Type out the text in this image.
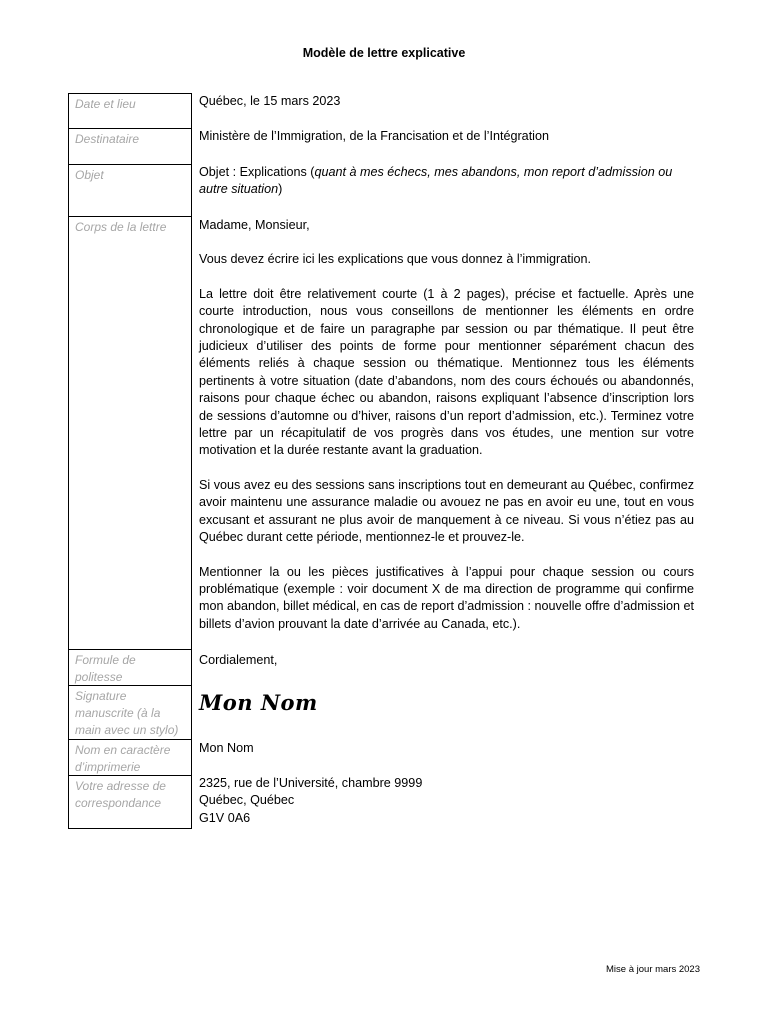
Modèle de lettre explicative
Date et lieu
Destinataire
Objet
Corps de la lettre
Formule de politesse
Signature manuscrite (à la main avec un stylo)
Nom en caractère d’imprimerie
Votre adresse de correspondance
Québec, le 15 mars 2023
Ministère de l’Immigration, de la Francisation et de l’Intégration
Objet : Explications (quant à mes échecs, mes abandons, mon report d’admission ou autre situation)

Madame, Monsieur,

Vous devez écrire ici les explications que vous donnez à l’immigration.

La lettre doit être relativement courte (1 à 2 pages), précise et factuelle. Après une courte introduction, nous vous conseillons de mentionner les éléments en ordre chronologique et de faire un paragraphe par session ou par thématique. Il peut être judicieux d’utiliser des points de forme pour mentionner séparément chacun des éléments reliés à chaque session ou thématique. Mentionnez tous les éléments pertinents à votre situation (date d’abandons, nom des cours échoués ou abandonnés, raisons pour chaque échec ou abandon, raisons expliquant l’absence d’inscription lors de sessions d’automne ou d’hiver, raisons d’un report d’admission, etc.). Terminez votre lettre par un récapitulatif de vos progrès dans vos études, une mention sur votre motivation et la durée restante avant la graduation.

Si vous avez eu des sessions sans inscriptions tout en demeurant au Québec, confirmez avoir maintenu une assurance maladie ou avouez ne pas en avoir eu une, tout en vous excusant et assurant ne plus avoir de manquement à ce niveau. Si vous n’étiez pas au Québec durant cette période, mentionnez-le et prouvez-le.

Mentionner la ou les pièces justificatives à l’appui pour chaque session ou cours problématique (exemple : voir document X de ma direction de programme qui confirme mon abandon, billet médical, en cas de report d’admission : nouvelle offre d’admission et billets d’avion prouvant la date d’arrivée au Canada, etc.).

Cordialement,
Mon Nom
Mon Nom

2325, rue de l’Université, chambre 9999

Québec, Québec

G1V 0A6

Mise à jour mars 2023
